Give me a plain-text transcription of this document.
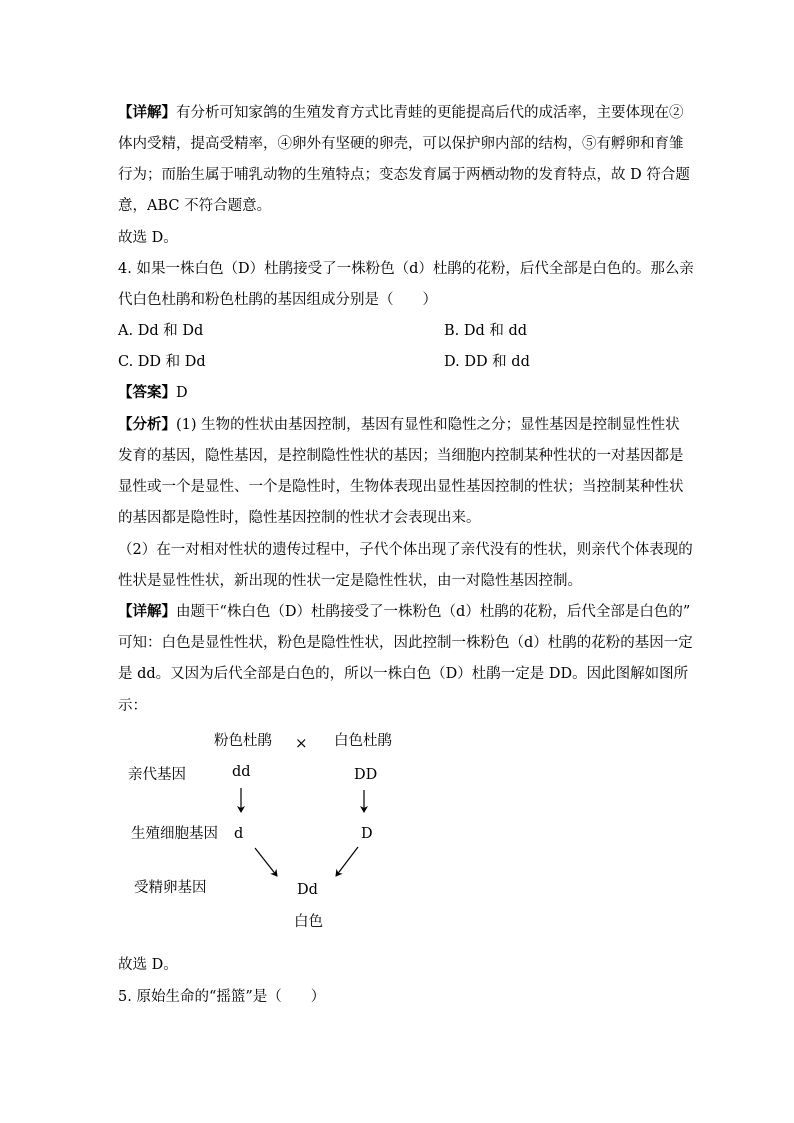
【详解】有分析可知家鸽的生殖发育方式比青蛙的更能提高后代的成活率，主要体现在②
体内受精，提高受精率，④卵外有坚硬的卵壳，可以保护卵内部的结构，⑤有孵卵和育雏
行为；而胎生属于哺乳动物的生殖特点；变态发育属于两栖动物的发育特点，故 D 符合题
意，ABC 不符合题意。
故选 D。
4. 如果一株白色（D）杜鹃接受了一株粉色（d）杜鹃的花粉，后代全部是白色的。那么亲
代白色杜鹃和粉色杜鹃的基因组成分别是（　　）
A. Dd 和 Dd	B. Dd 和 dd
C. DD 和 Dd	D. DD 和 dd
【答案】D
【分析】(1) 生物的性状由基因控制，基因有显性和隐性之分；显性基因是控制显性性状
发育的基因，隐性基因，是控制隐性性状的基因；当细胞内控制某种性状的一对基因都是
显性或一个是显性、一个是隐性时，生物体表现出显性基因控制的性状；当控制某种性状
的基因都是隐性时，隐性基因控制的性状才会表现出来。
（2）在一对相对性状的遗传过程中，子代个体出现了亲代没有的性状，则亲代个体表现的
性状是显性性状，新出现的性状一定是隐性性状，由一对隐性基因控制。
【详解】由题干“株白色（D）杜鹃接受了一株粉色（d）杜鹃的花粉，后代全部是白色的”
可知：白色是显性性状，粉色是隐性性状，因此控制一株粉色（d）杜鹃的花粉的基因一定
是 dd。又因为后代全部是白色的，所以一株白色（D）杜鹃一定是 DD。因此图解如图所
示：
粉色杜鹃 × 白色杜鹃
亲代基因	dd	DD
生殖细胞基因 d	D
受精卵基因	Dd
白色
故选 D。
5. 原始生命的“摇篮”是（　　）
